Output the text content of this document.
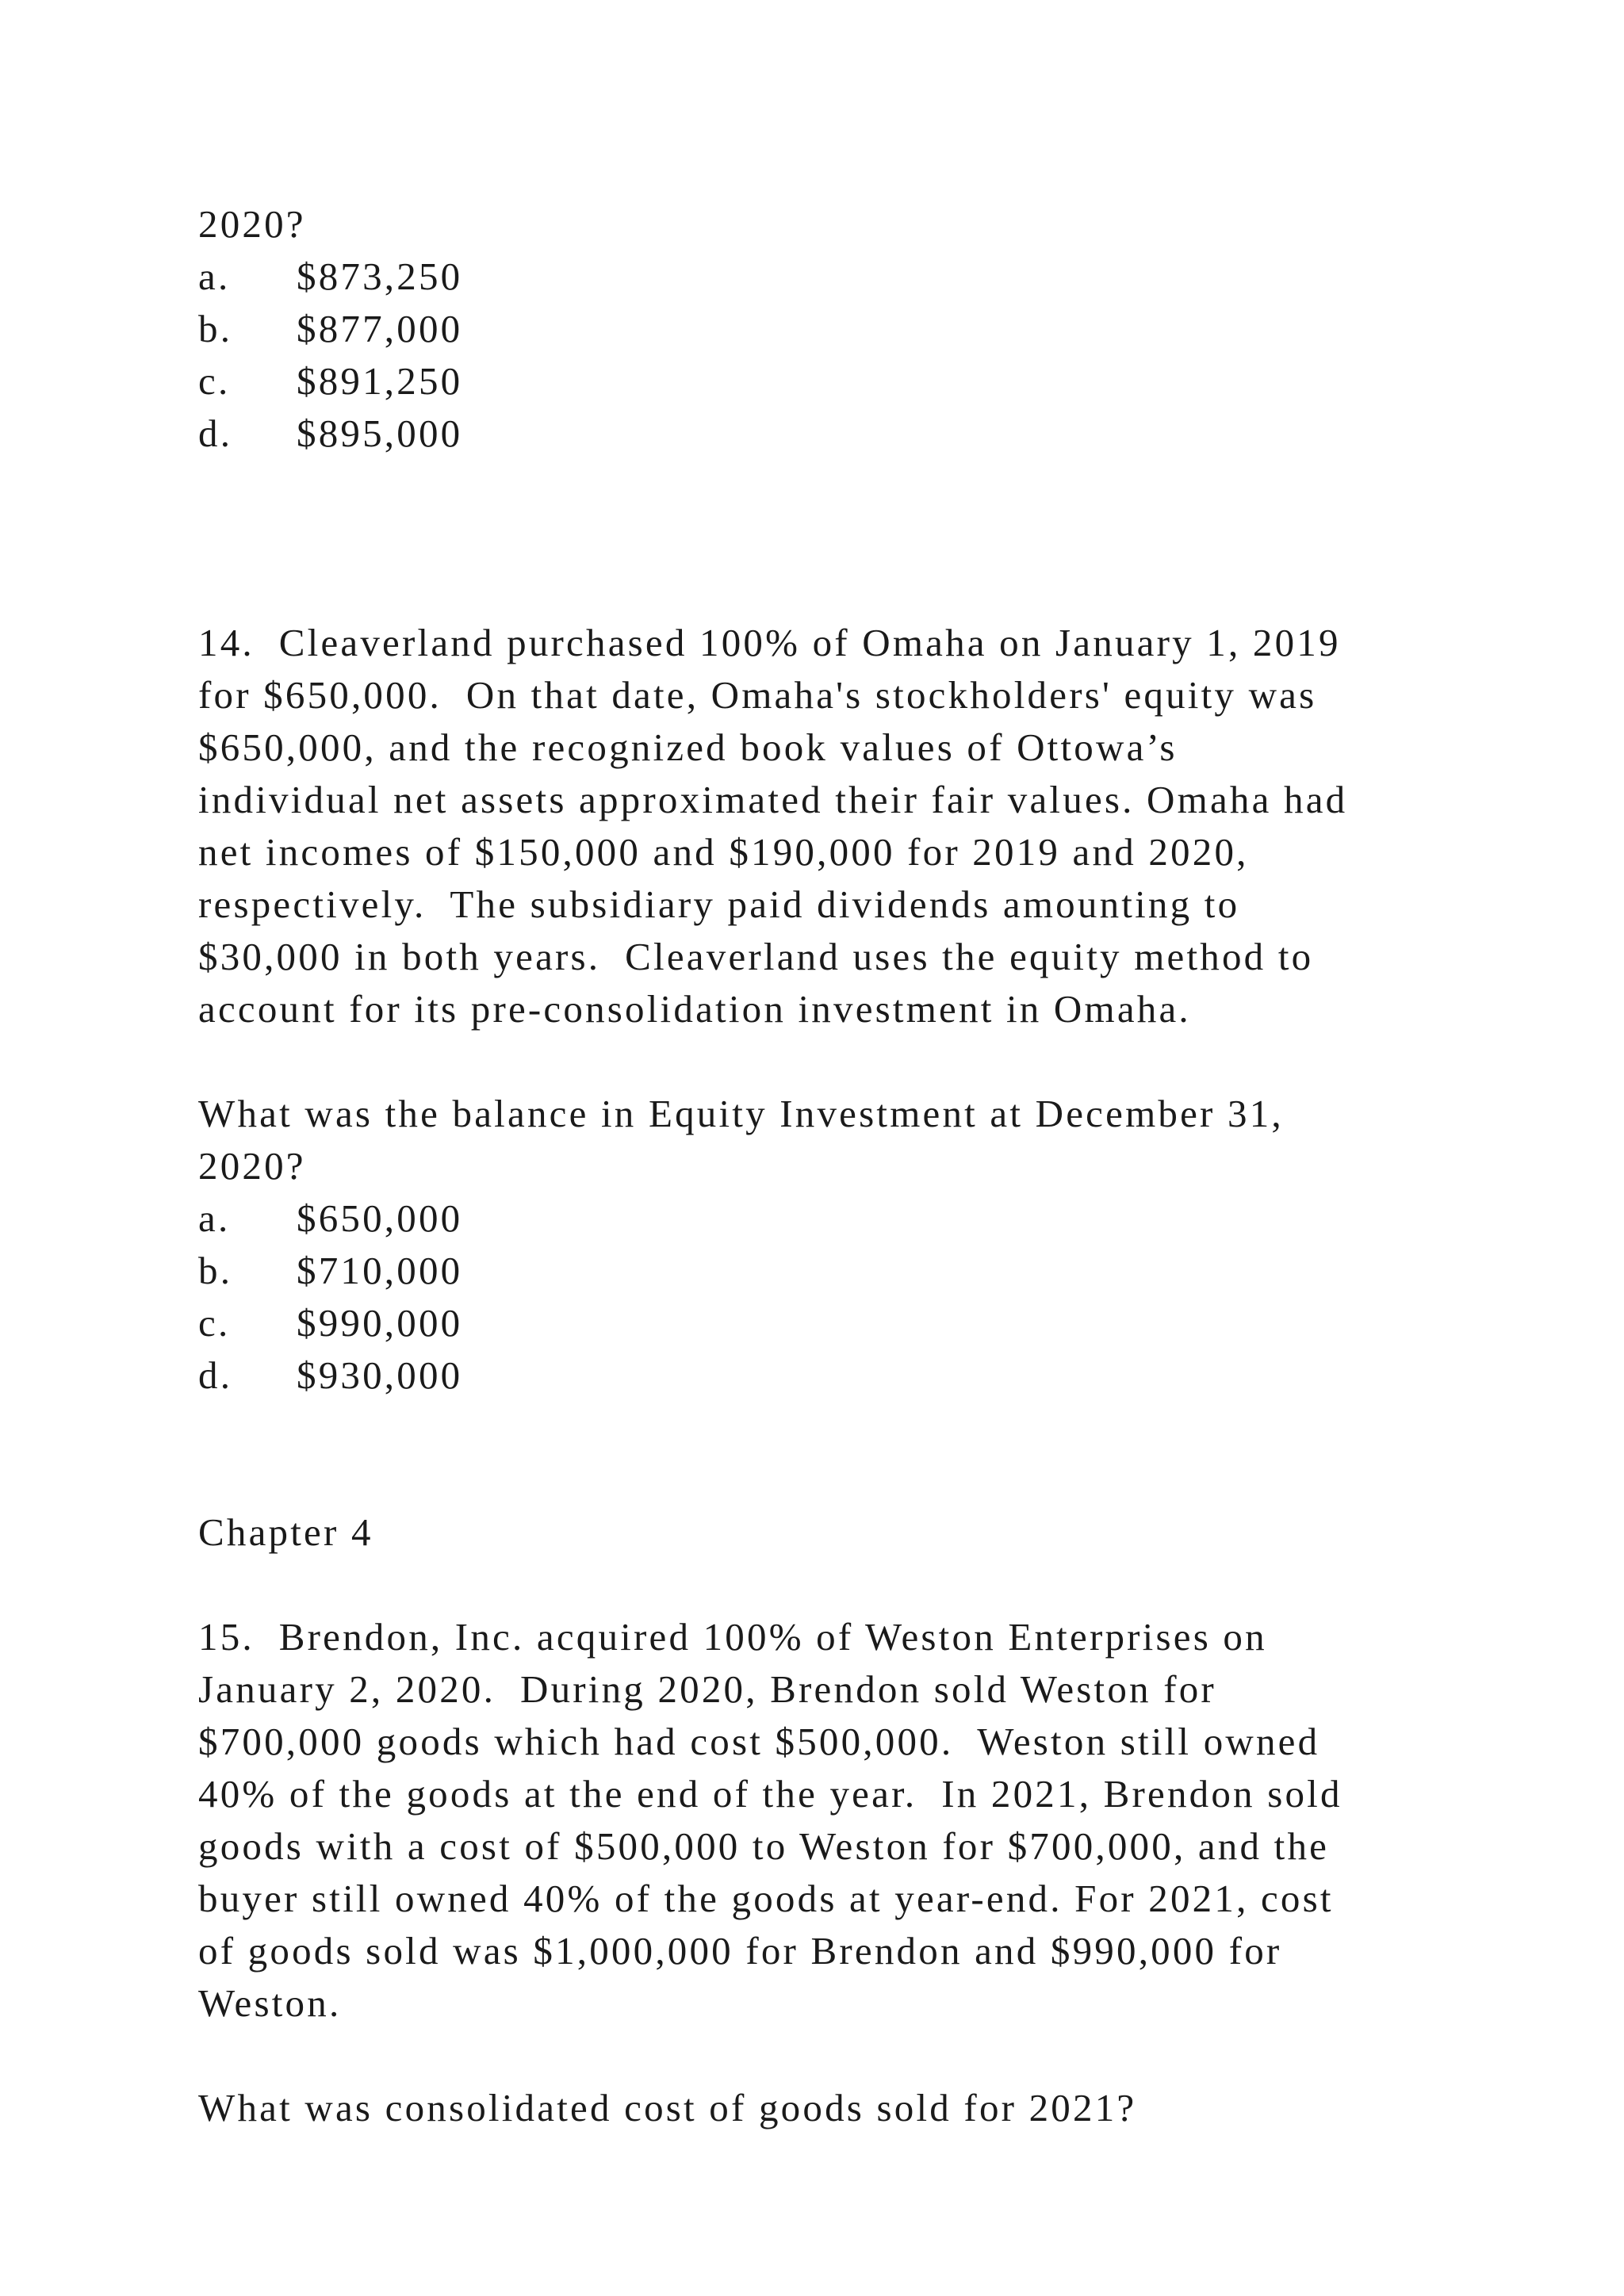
2020?
a. $873,250
b. $877,000
c. $891,250
d. $895,000
14.  Cleaverland purchased 100% of Omaha on January 1, 2019
for $650,000.  On that date, Omaha's stockholders' equity was
$650,000, and the recognized book values of Ottowa’s
individual net assets approximated their fair values. Omaha had
net incomes of $150,000 and $190,000 for 2019 and 2020,
respectively.  The subsidiary paid dividends amounting to
$30,000 in both years.  Cleaverland uses the equity method to
account for its pre-consolidation investment in Omaha.
What was the balance in Equity Investment at December 31,
2020?
a. $650,000
b. $710,000
c. $990,000
d. $930,000
Chapter 4
15.  Brendon, Inc. acquired 100% of Weston Enterprises on
January 2, 2020.  During 2020, Brendon sold Weston for
$700,000 goods which had cost $500,000.  Weston still owned
40% of the goods at the end of the year.  In 2021, Brendon sold
goods with a cost of $500,000 to Weston for $700,000, and the
buyer still owned 40% of the goods at year-end. For 2021, cost
of goods sold was $1,000,000 for Brendon and $990,000 for
Weston.
What was consolidated cost of goods sold for 2021?
